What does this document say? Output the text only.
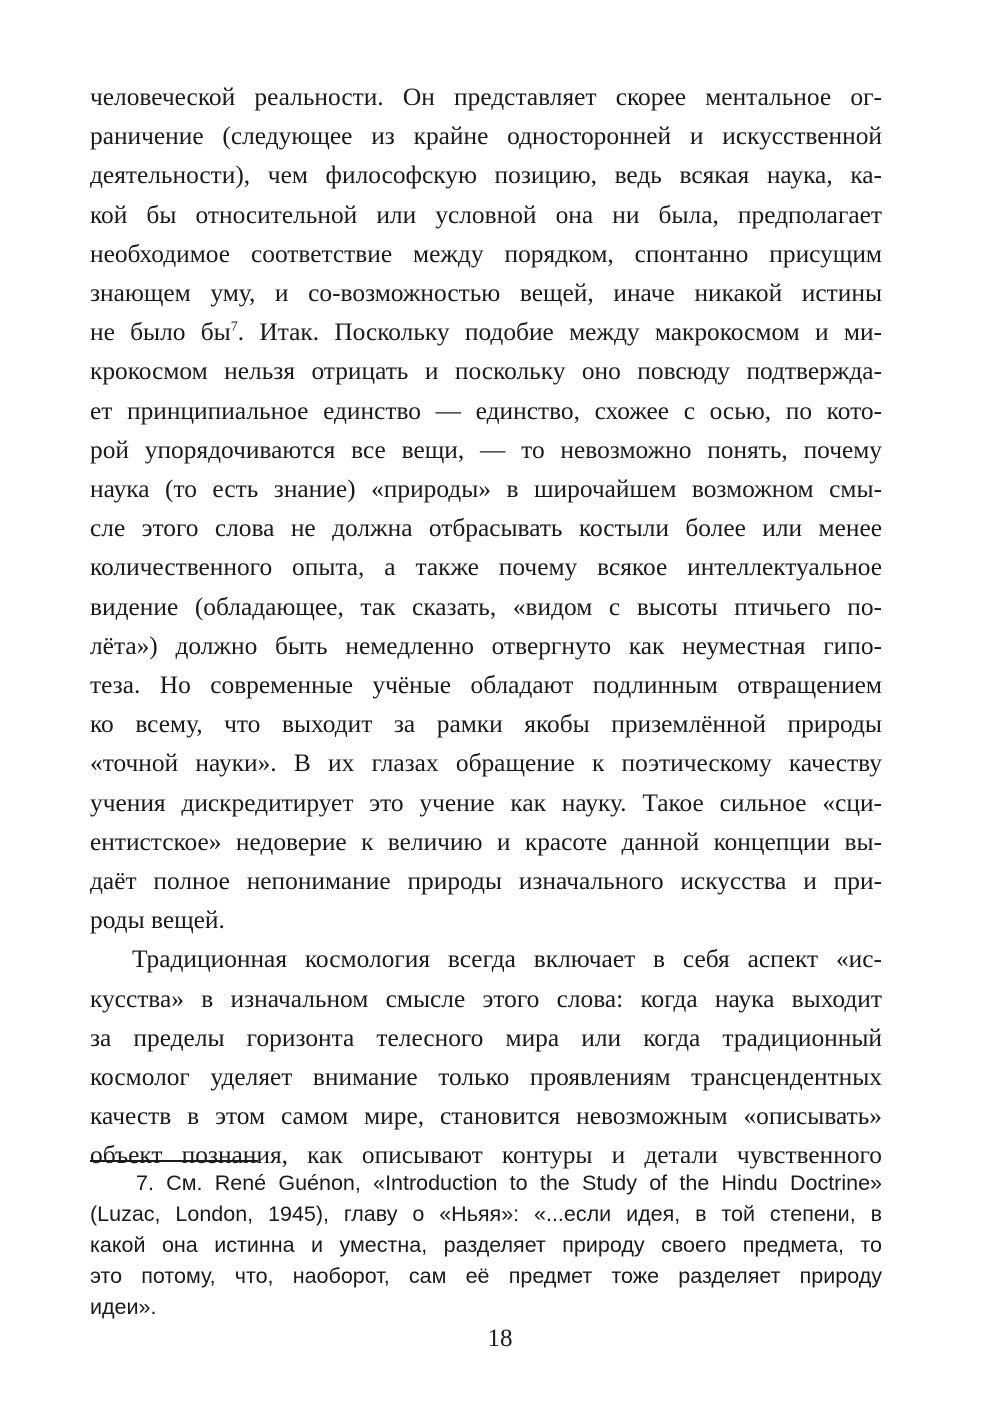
человеческой реальности. Он представляет скорее ментальное ог-
раничение (следующее из крайне односторонней и искусственной
деятельности), чем философскую позицию, ведь всякая наука, ка-
кой бы относительной или условной она ни была, предполагает
необходимое соответствие между порядком, спонтанно присущим
знающем уму, и со-возможностью вещей, иначе никакой истины
не было $бы^7$. Итак. Поскольку подобие между макрокосмом и ми-
крокосмом нельзя отрицать и поскольку оно повсюду подтвержда-
ет принципиальное единство — единство, схожее с осью, по кото-
рой упорядочиваются все вещи, — то невозможно понять, почему
наука (то есть знание) «природы» в широчайшем возможном смы-
сле этого слова не должна отбрасывать костыли более или менее
количественного опыта, а также почему всякое интеллектуальное
видение (обладающее, так сказать, «видом с высоты птичьего по-
лёта») должно быть немедленно отвергнуто как неуместная гипо-
теза. Но современные учёные обладают подлинным отвращением
ко всему, что выходит за рамки якобы приземлённой природы
«точной науки». В их глазах обращение к поэтическому качеству
учения дискредитирует это учение как науку. Такое сильное «сци-
ентистское» недоверие к величию и красоте данной концепции вы-
даёт полное непонимание природы изначального искусства и при-
роды вещей.

Традиционная космология всегда включает в себя аспект «ис-
кусства» в изначальном смысле этого слова: когда наука выходит
за пределы горизонта телесного мира или когда традиционный
космолог уделяет внимание только проявлениям трансцендентных
качеств в этом самом мире, становится невозможным «описывать»
объект познания, как описывают контуры и детали чувственного

7. См. René Guénon, «Introduction to the Study of the Hindu Doctrine»
(Luzac, London, 1945), главу о «Ньяя»: «...если идея, в той степени, в
какой она истинна и уместна, разделяет природу своего предмета, то
это потому, что, наоборот, сам её предмет тоже разделяет природу
идеи».
18
